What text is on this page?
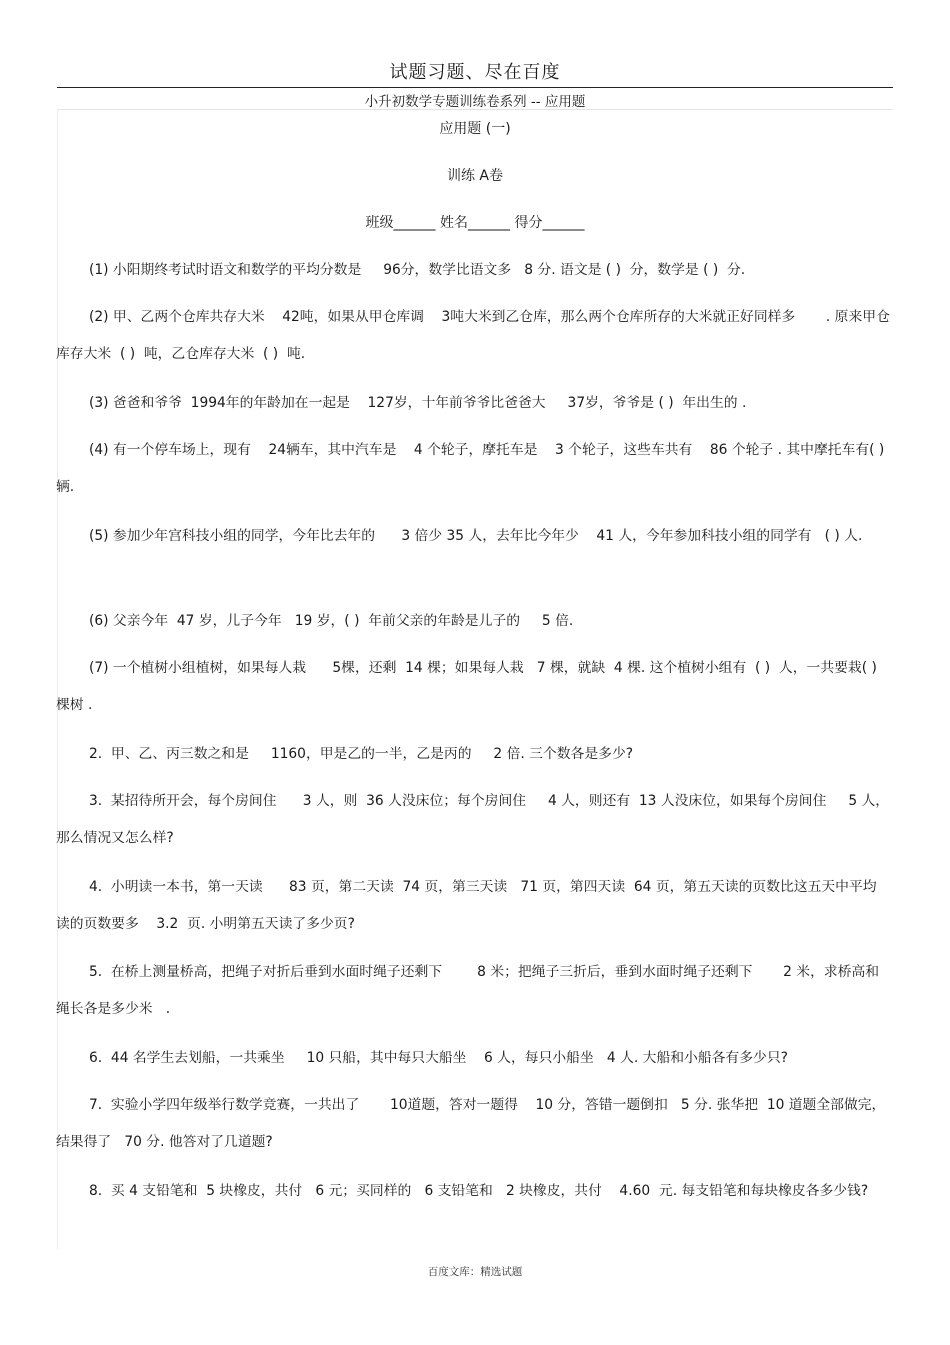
试题习题、尽在百度
小升初数学专题训练卷系列 -- 应用题
应用题 (一)
训练 A卷
班级______ 姓名______ 得分______
(1) 小阳期终考试时语文和数学的平均分数是     96分，数学比语文多   8 分. 语文是 ( )  分，数学是 ( )  分.
(2) 甲、乙两个仓库共存大米    42吨，如果从甲仓库调    3吨大米到乙仓库，那么两个仓库所存的大米就正好同样多       . 原来甲仓库存大米  ( )  吨，乙仓库存大米  ( )  吨.
(3) 爸爸和爷爷  1994年的年龄加在一起是    127岁，十年前爷爷比爸爸大     37岁，爷爷是 ( )  年出生的 .
(4) 有一个停车场上，现有    24辆车，其中汽车是    4 个轮子，摩托车是    3 个轮子，这些车共有    86 个轮子 . 其中摩托车有( )  辆.
(5) 参加少年宫科技小组的同学，今年比去年的      3 倍少 35 人，去年比今年少    41 人，今年参加科技小组的同学有   ( ) 人.
(6) 父亲今年  47 岁，儿子今年   19 岁，( )  年前父亲的年龄是儿子的     5 倍.
(7) 一个植树小组植树，如果每人栽      5棵，还剩  14 棵；如果每人栽   7 棵，就缺  4 棵. 这个植树小组有  ( )  人，一共要栽( )  棵树 .
2.  甲、乙、丙三数之和是     1160，甲是乙的一半，乙是丙的     2 倍. 三个数各是多少?
3.  某招待所开会，每个房间住      3 人，则  36 人没床位；每个房间住     4 人，则还有  13 人没床位，如果每个房间住     5 人，那么情况又怎么样?
4.  小明读一本书，第一天读      83 页，第二天读  74 页，第三天读   71 页，第四天读  64 页，第五天读的页数比这五天中平均读的页数要多    3.2  页. 小明第五天读了多少页?
5.  在桥上测量桥高，把绳子对折后垂到水面时绳子还剩下        8 米；把绳子三折后，垂到水面时绳子还剩下       2 米，求桥高和绳长各是多少米   .
6.  44 名学生去划船，一共乘坐     10 只船，其中每只大船坐    6 人，每只小船坐   4 人. 大船和小船各有多少只?
7.  实验小学四年级举行数学竞赛，一共出了       10道题，答对一题得    10 分，答错一题倒扣   5 分. 张华把  10 道题全部做完，结果得了   70 分. 他答对了几道题?
8.  买 4 支铅笔和  5 块橡皮，共付   6 元；买同样的   6 支铅笔和   2 块橡皮，共付    4.60  元. 每支铅笔和每块橡皮各多少钱?
百度文库：精选试题
